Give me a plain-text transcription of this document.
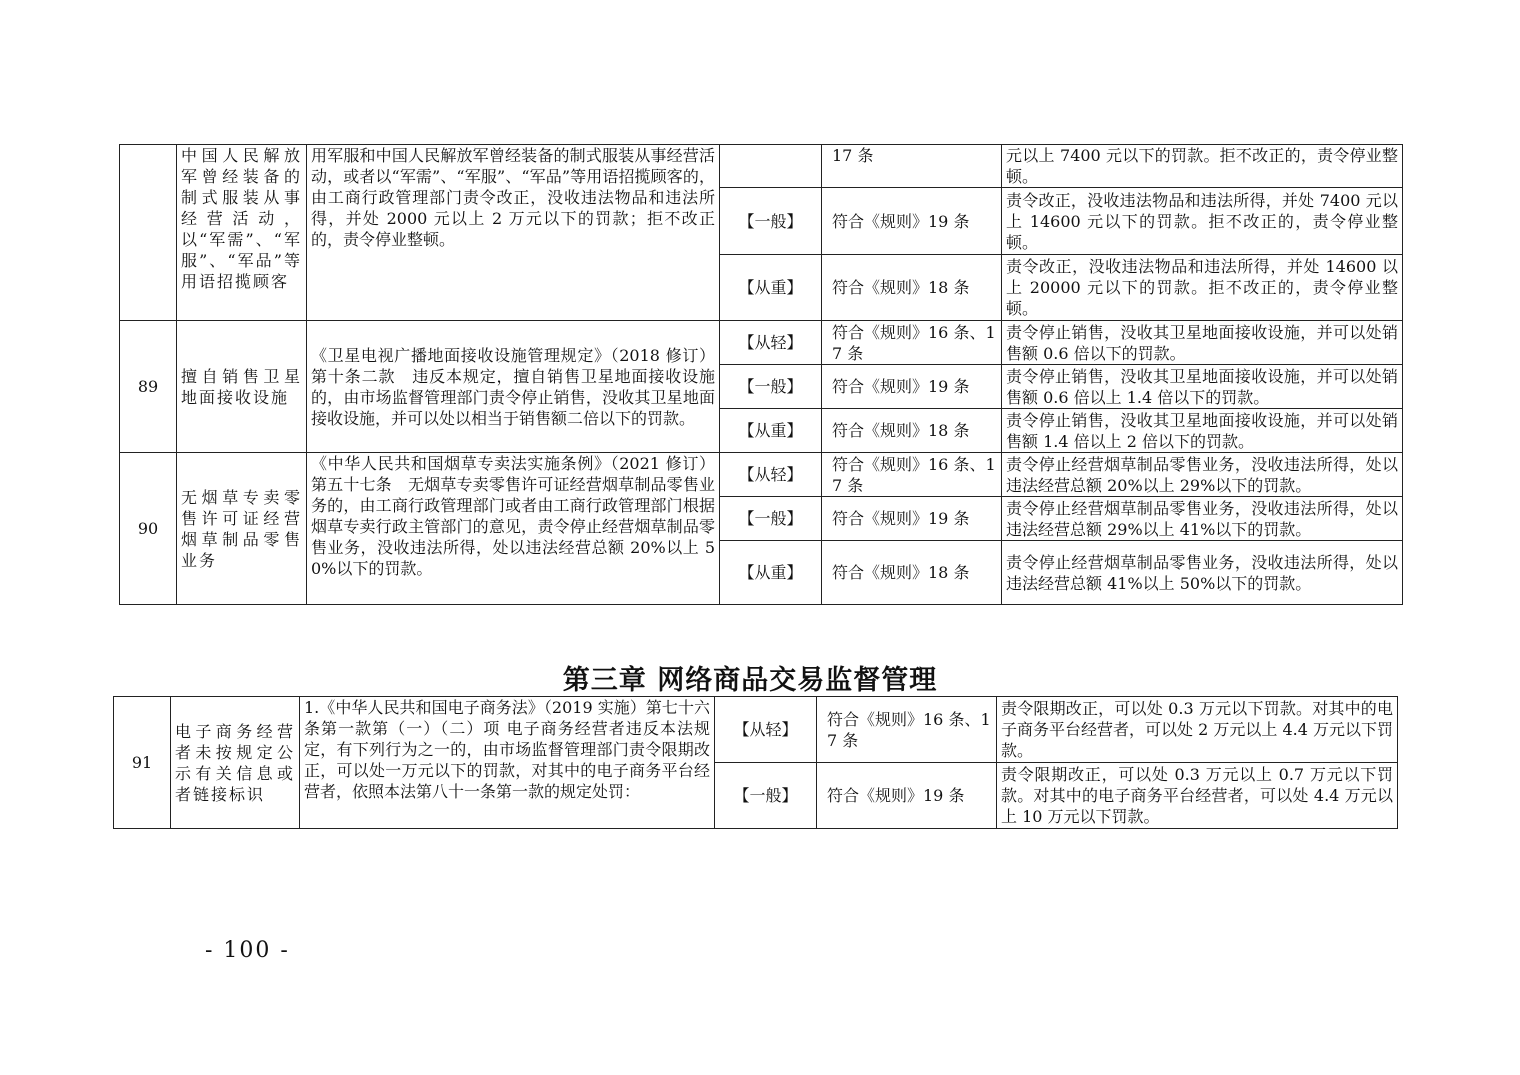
	中国人民解放军曾经装备的制式服装从事经营活动，以“军需”、“军服”、“军品”等用语招揽顾客	用军服和中国人民解放军曾经装备的制式服装从事经营活动，或者以“军需”、“军服”、“军品”等用语招揽顾客的，由工商行政管理部门责令改正，没收违法物品和违法所得，并处 2000 元以上 2 万元以下的罚款；拒不改正的，责令停业整顿。		17 条	元以上 7400 元以下的罚款。拒不改正的，责令停业整顿。
			【一般】	符合《规则》19 条	责令改正，没收违法物品和违法所得，并处 7400 元以上 14600 元以下的罚款。拒不改正的，责令停业整顿。
			【从重】	符合《规则》18 条	责令改正，没收违法物品和违法所得，并处 14600 以上 20000 元以下的罚款。拒不改正的，责令停业整顿。
89	擅自销售卫星地面接收设施	《卫星电视广播地面接收设施管理规定》（2018 修订）第十条二款　违反本规定，擅自销售卫星地面接收设施的，由市场监督管理部门责令停止销售，没收其卫星地面接收设施，并可以处以相当于销售额二倍以下的罚款。	【从轻】	符合《规则》16 条、17 条	责令停止销售，没收其卫星地面接收设施，并可以处销售额 0.6 倍以下的罚款。
			【一般】	符合《规则》19 条	责令停止销售，没收其卫星地面接收设施，并可以处销售额 0.6 倍以上 1.4 倍以下的罚款。
			【从重】	符合《规则》18 条	责令停止销售，没收其卫星地面接收设施，并可以处销售额 1.4 倍以上 2 倍以下的罚款。
90	无烟草专卖零售许可证经营烟草制品零售业务	《中华人民共和国烟草专卖法实施条例》（2021 修订）第五十七条　无烟草专卖零售许可证经营烟草制品零售业务的，由工商行政管理部门或者由工商行政管理部门根据烟草专卖行政主管部门的意见，责令停止经营烟草制品零售业务，没收违法所得，处以违法经营总额 20%以上 50%以下的罚款。	【从轻】	符合《规则》16 条、17 条	责令停止经营烟草制品零售业务，没收违法所得，处以违法经营总额 20%以上 29%以下的罚款。
			【一般】	符合《规则》19 条	责令停止经营烟草制品零售业务，没收违法所得，处以违法经营总额 29%以上 41%以下的罚款。
			【从重】	符合《规则》18 条	责令停止经营烟草制品零售业务，没收违法所得，处以违法经营总额 41%以上 50%以下的罚款。
第三章 网络商品交易监督管理
91	电子商务经营者未按规定公示有关信息或者链接标识	1.《中华人民共和国电子商务法》（2019 实施）第七十六条第一款第（一）（二）项 电子商务经营者违反本法规定，有下列行为之一的，由市场监督管理部门责令限期改正，可以处一万元以下的罚款，对其中的电子商务平台经营者，依照本法第八十一条第一款的规定处罚：	【从轻】	符合《规则》16 条、17 条	责令限期改正，可以处 0.3 万元以下罚款。对其中的电子商务平台经营者，可以处 2 万元以上 4.4 万元以下罚款。
			【一般】	符合《规则》19 条	责令限期改正，可以处 0.3 万元以上 0.7 万元以下罚款。对其中的电子商务平台经营者，可以处 4.4 万元以上 10 万元以下罚款。
- 100 -
